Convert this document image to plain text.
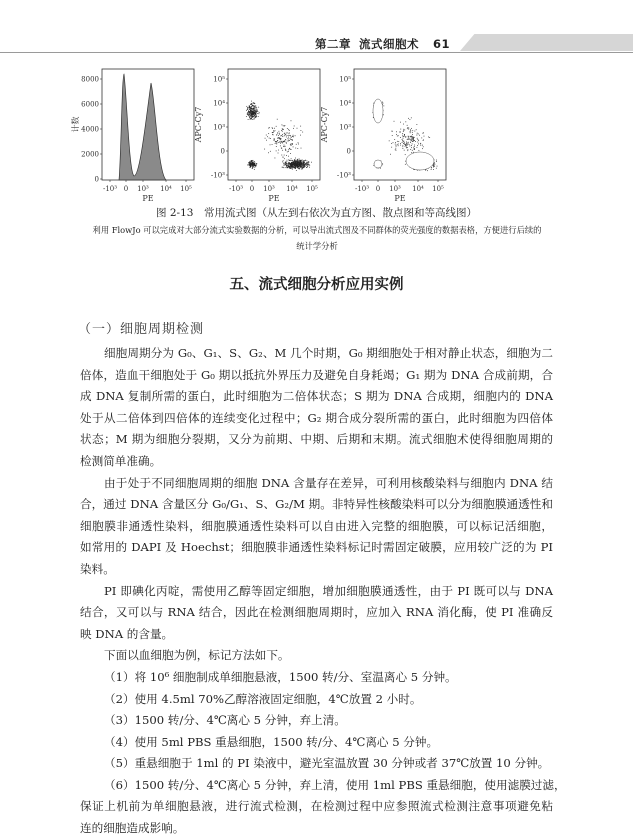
第二章 流式细胞术 61
8000
6000
4000
2000
0
-10³ 0 10³ 10⁴ 10⁵
PE
计数
10⁵
10⁴
10³
0
-10³
-10³ 0 10³ 10⁴ 10⁵
PE
APC-Cy7
10⁵
10⁴
10³
0
-10³
-10³ 0 10³ 10⁴ 10⁵
PE
APC-Cy7
图 2-13　常用流式图（从左到右依次为直方图、散点图和等高线图）
利用 FlowJo 可以完成对大部分流式实验数据的分析，可以导出流式图及不同群体的荧光强度的数据表格，方便进行后续的
统计学分析
五、流式细胞分析应用实例
（一）细胞周期检测
细胞周期分为 G₀、G₁、S、G₂、M 几个时期，G₀ 期细胞处于相对静止状态，细胞为二
倍体，造血干细胞处于 G₀ 期以抵抗外界压力及避免自身耗竭；G₁ 期为 DNA 合成前期，合
成 DNA 复制所需的蛋白，此时细胞为二倍体状态；S 期为 DNA 合成期，细胞内的 DNA
处于从二倍体到四倍体的连续变化过程中；G₂ 期合成分裂所需的蛋白，此时细胞为四倍体
状态；M 期为细胞分裂期，又分为前期、中期、后期和末期。流式细胞术使得细胞周期的
检测简单准确。
由于处于不同细胞周期的细胞 DNA 含量存在差异，可利用核酸染料与细胞内 DNA 结
合，通过 DNA 含量区分 G₀/G₁、S、G₂/M 期。非特异性核酸染料可以分为细胞膜通透性和
细胞膜非通透性染料，细胞膜通透性染料可以自由进入完整的细胞膜，可以标记活细胞，
如常用的 DAPI 及 Hoechst；细胞膜非通透性染料标记时需固定破膜，应用较广泛的为 PI
染料。
PI 即碘化丙啶，需使用乙醇等固定细胞，增加细胞膜通透性，由于 PI 既可以与 DNA
结合，又可以与 RNA 结合，因此在检测细胞周期时，应加入 RNA 消化酶，使 PI 准确反
映 DNA 的含量。
下面以血细胞为例，标记方法如下。
（1）将 10⁶ 细胞制成单细胞悬液，1500 转/分、室温离心 5 分钟。
（2）使用 4.5ml 70%乙醇溶液固定细胞，4℃放置 2 小时。
（3）1500 转/分、4℃离心 5 分钟，弃上清。
（4）使用 5ml PBS 重悬细胞，1500 转/分、4℃离心 5 分钟。
（5）重悬细胞于 1ml 的 PI 染液中，避光室温放置 30 分钟或者 37℃放置 10 分钟。
（6）1500 转/分、4℃离心 5 分钟，弃上清，使用 1ml PBS 重悬细胞，使用滤膜过滤，
保证上机前为单细胞悬液，进行流式检测，在检测过程中应参照流式检测注意事项避免粘
连的细胞造成影响。
